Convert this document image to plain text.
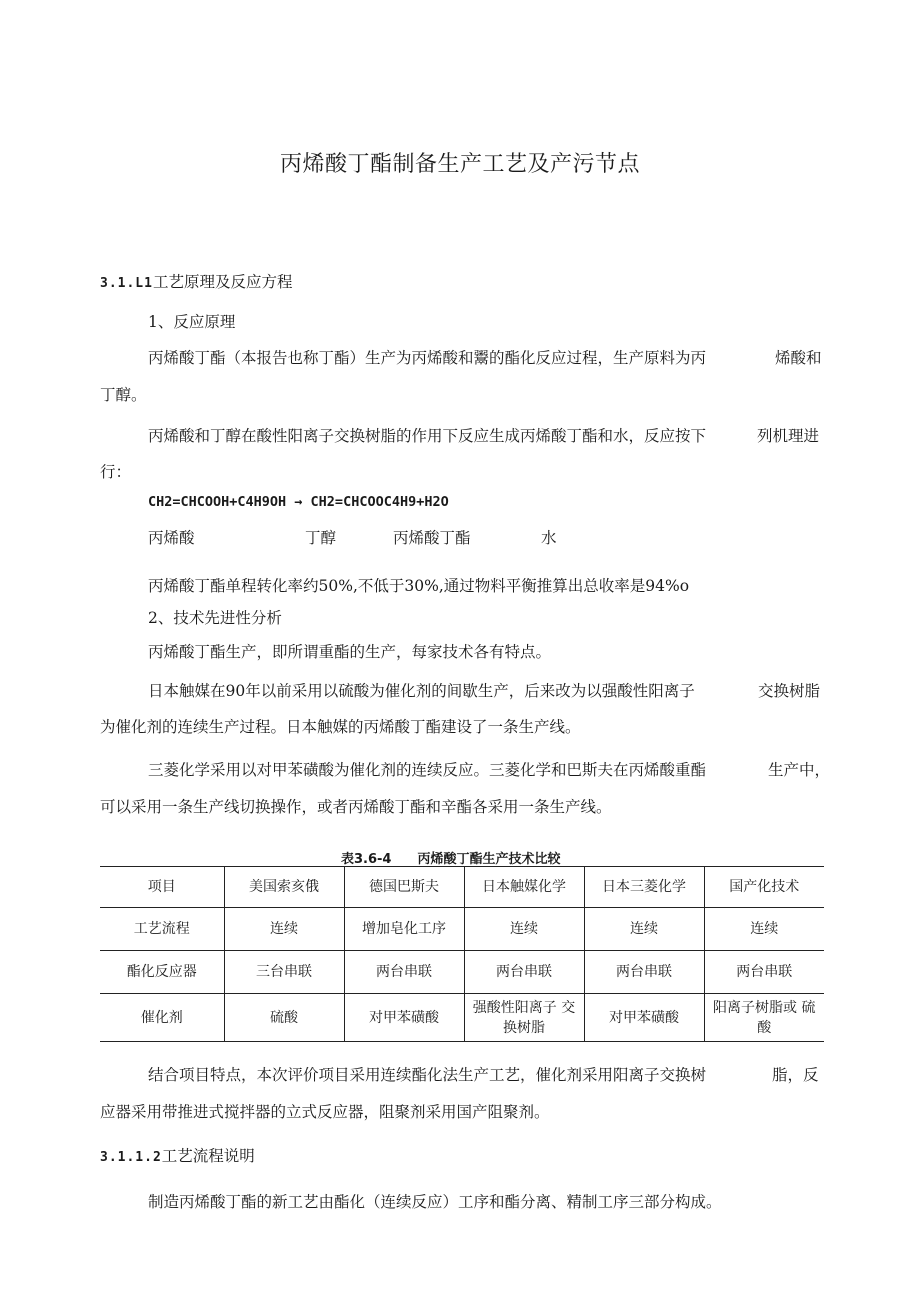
丙烯酸丁酯制备生产工艺及产污节点
3.1.L1工艺原理及反应方程
1、反应原理
丙烯酸丁酯（本报告也称丁酯）生产为丙烯酸和鬻的酯化反应过程，生产原料为丙	烯酸和
丁醇。
丙烯酸和丁醇在酸性阳离子交换树脂的作用下反应生成丙烯酸丁酯和水，反应按下	列机理进
行：
CH2=CHCOOH+C4H9OH → CH2=CHCOOC4H9+H2O
丙烯酸	丁醇	丙烯酸丁酯	水
丙烯酸丁酯单程转化率约50%,不低于30%,通过物料平衡推算出总收率是94%o
2、技术先进性分析
丙烯酸丁酯生产，即所谓重酯的生产，每家技术各有特点。
日本触媒在90年以前采用以硫酸为催化剂的间歇生产，后来改为以强酸性阳离子	交换树脂
为催化剂的连续生产过程。日本触媒的丙烯酸丁酯建设了一条生产线。
三菱化学采用以对甲苯磺酸为催化剂的连续反应。三菱化学和巴斯夫在丙烯酸重酯	生产中，
可以采用一条生产线切换操作，或者丙烯酸丁酯和辛酯各采用一条生产线。
表3.6-4 丙烯酸丁酯生产技术比较
项目	美国索亥俄	德国巴斯夫	日本触媒化学	日本三菱化学	国产化技术
工艺流程	连续	增加皂化工序	连续	连续	连续
酯化反应器	三台串联	两台串联	两台串联	两台串联	两台串联
催化剂	硫酸	对甲苯磺酸	强酸性阳离子 交换树脂	对甲苯磺酸	阳离子树脂或 硫酸
结合项目特点，本次评价项目采用连续酯化法生产工艺，催化剂采用阳离子交换树	脂，反
应器采用带推进式搅拌器的立式反应器，阻聚剂采用国产阻聚剂。
3.1.1.2工艺流程说明
制造丙烯酸丁酯的新工艺由酯化（连续反应）工序和酯分离、精制工序三部分构成。
